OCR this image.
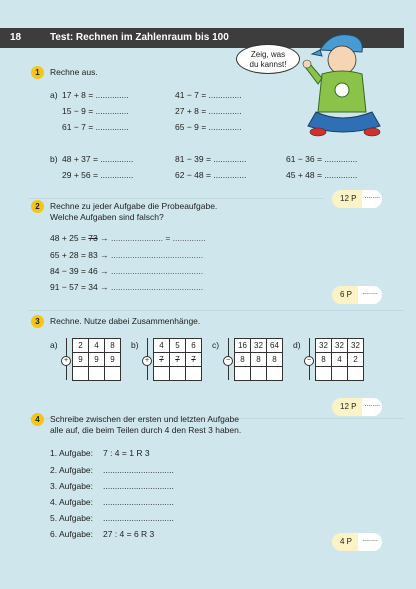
18	Test: Rechnen im Zahlenraum bis 100
Zeig, was
du kannst!
1	Rechne aus.
a) 17 + 8 = ..............	41 − 7 = ..............
15 − 9 = ..............	27 + 8 = ..............
61 − 7 = ..............	65 − 9 = ..............
b) 48 + 37 = ..............	81 − 39 = ..............	61 − 36 = ..............
29 + 56 = ..............	62 − 48 = ..............	45 + 48 = ..............
12 P	........
2	Rechne zu jeder Aufgabe die Probeaufgabe.
Welche Aufgaben sind falsch?
48 + 25 = 73 → ...................... = ..............
65 + 28 = 83 → .......................................
84 − 39 = 46 → .......................................
91 − 57 = 34 → .......................................
6 P	........
3	Rechne. Nutze dabei Zusammenhänge.
a)
+
2	4	8
9	9	9

b)
+
4	5	6
7	7	7

c)
−
16	32	64
8	8	8

d)
−
32	32	32
8	4	2

12 P	........
4	Schreibe zwischen der ersten und letzten Aufgabe
alle auf, die beim Teilen durch 4 den Rest 3 haben.
1. Aufgabe: 7 : 4 = 1 R 3
2. Aufgabe: ..............................
3. Aufgabe: ..............................
4. Aufgabe: ..............................
5. Aufgabe: ..............................
6. Aufgabe: 27 : 4 = 6 R 3
4 P	........
